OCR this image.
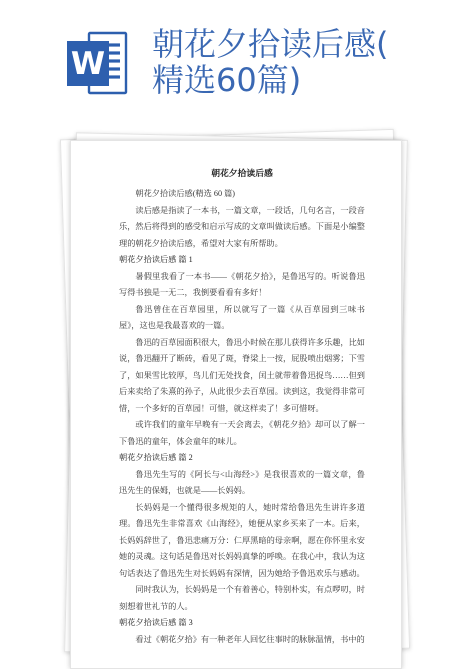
W
朝花夕拾读后感(精选60篇)
朝花夕拾读后感

朝花夕拾读后感(精选 60 篇)

读后感是指读了一本书，一篇文章，一段话，几句名言，一段音乐，然后将得到的感受和启示写成的文章叫做读后感。下面是小编整理的朝花夕拾读后感，希望对大家有所帮助。

朝花夕拾读后感 篇 1

暑假里我看了一本书——《朝花夕拾》，是鲁迅写的。听说鲁迅写得书独是一无二，我倒要看看有多好！

鲁迅曾住在百草园里，所以就写了一篇《从百草园到三味书屋》，这也是我最喜欢的一篇。

鲁迅的百草园面积很大，鲁迅小时候在那儿获得许多乐趣，比如说，鲁迅翻开了断砖，看见了斑，脊梁上一按，屁股喷出烟雾；下雪了，如果雪比较厚，鸟儿们无处找食，闰土就带着鲁迅捉鸟……但到后来卖给了朱熹的孙子，从此很少去百草园。读到这，我觉得非常可惜，一个多好的百草园！可惜，就这样卖了！多可惜呀。

或许我们的童年早晚有一天会离去，《朝花夕拾》却可以了解一下鲁迅的童年，体会童年的味儿。

朝花夕拾读后感 篇 2

鲁迅先生写的《阿长与<山海经>》是我很喜欢的一篇文章，鲁迅先生的保姆，也就是——长妈妈。

长妈妈是一个懂得很多规矩的人，她时常给鲁迅先生讲许多道理。鲁迅先生非常喜欢《山海经》，她便从家乡买来了一本。后来，长妈妈辞世了，鲁迅悲痛万分：仁厚黑暗的母亲啊，愿在你怀里永安她的灵魂。这句话是鲁迅对长妈妈真挚的呼唤。在我心中，我认为这句话表达了鲁迅先生对长妈妈有深情，因为她给予鲁迅欢乐与感动。

同时我认为，长妈妈是一个有着善心，特别朴实，有点啰叨，时刻想着世礼节的人。

朝花夕拾读后感 篇 3

看过《朝花夕拾》有一种老年人回忆往事时的脉脉温情，书中的
